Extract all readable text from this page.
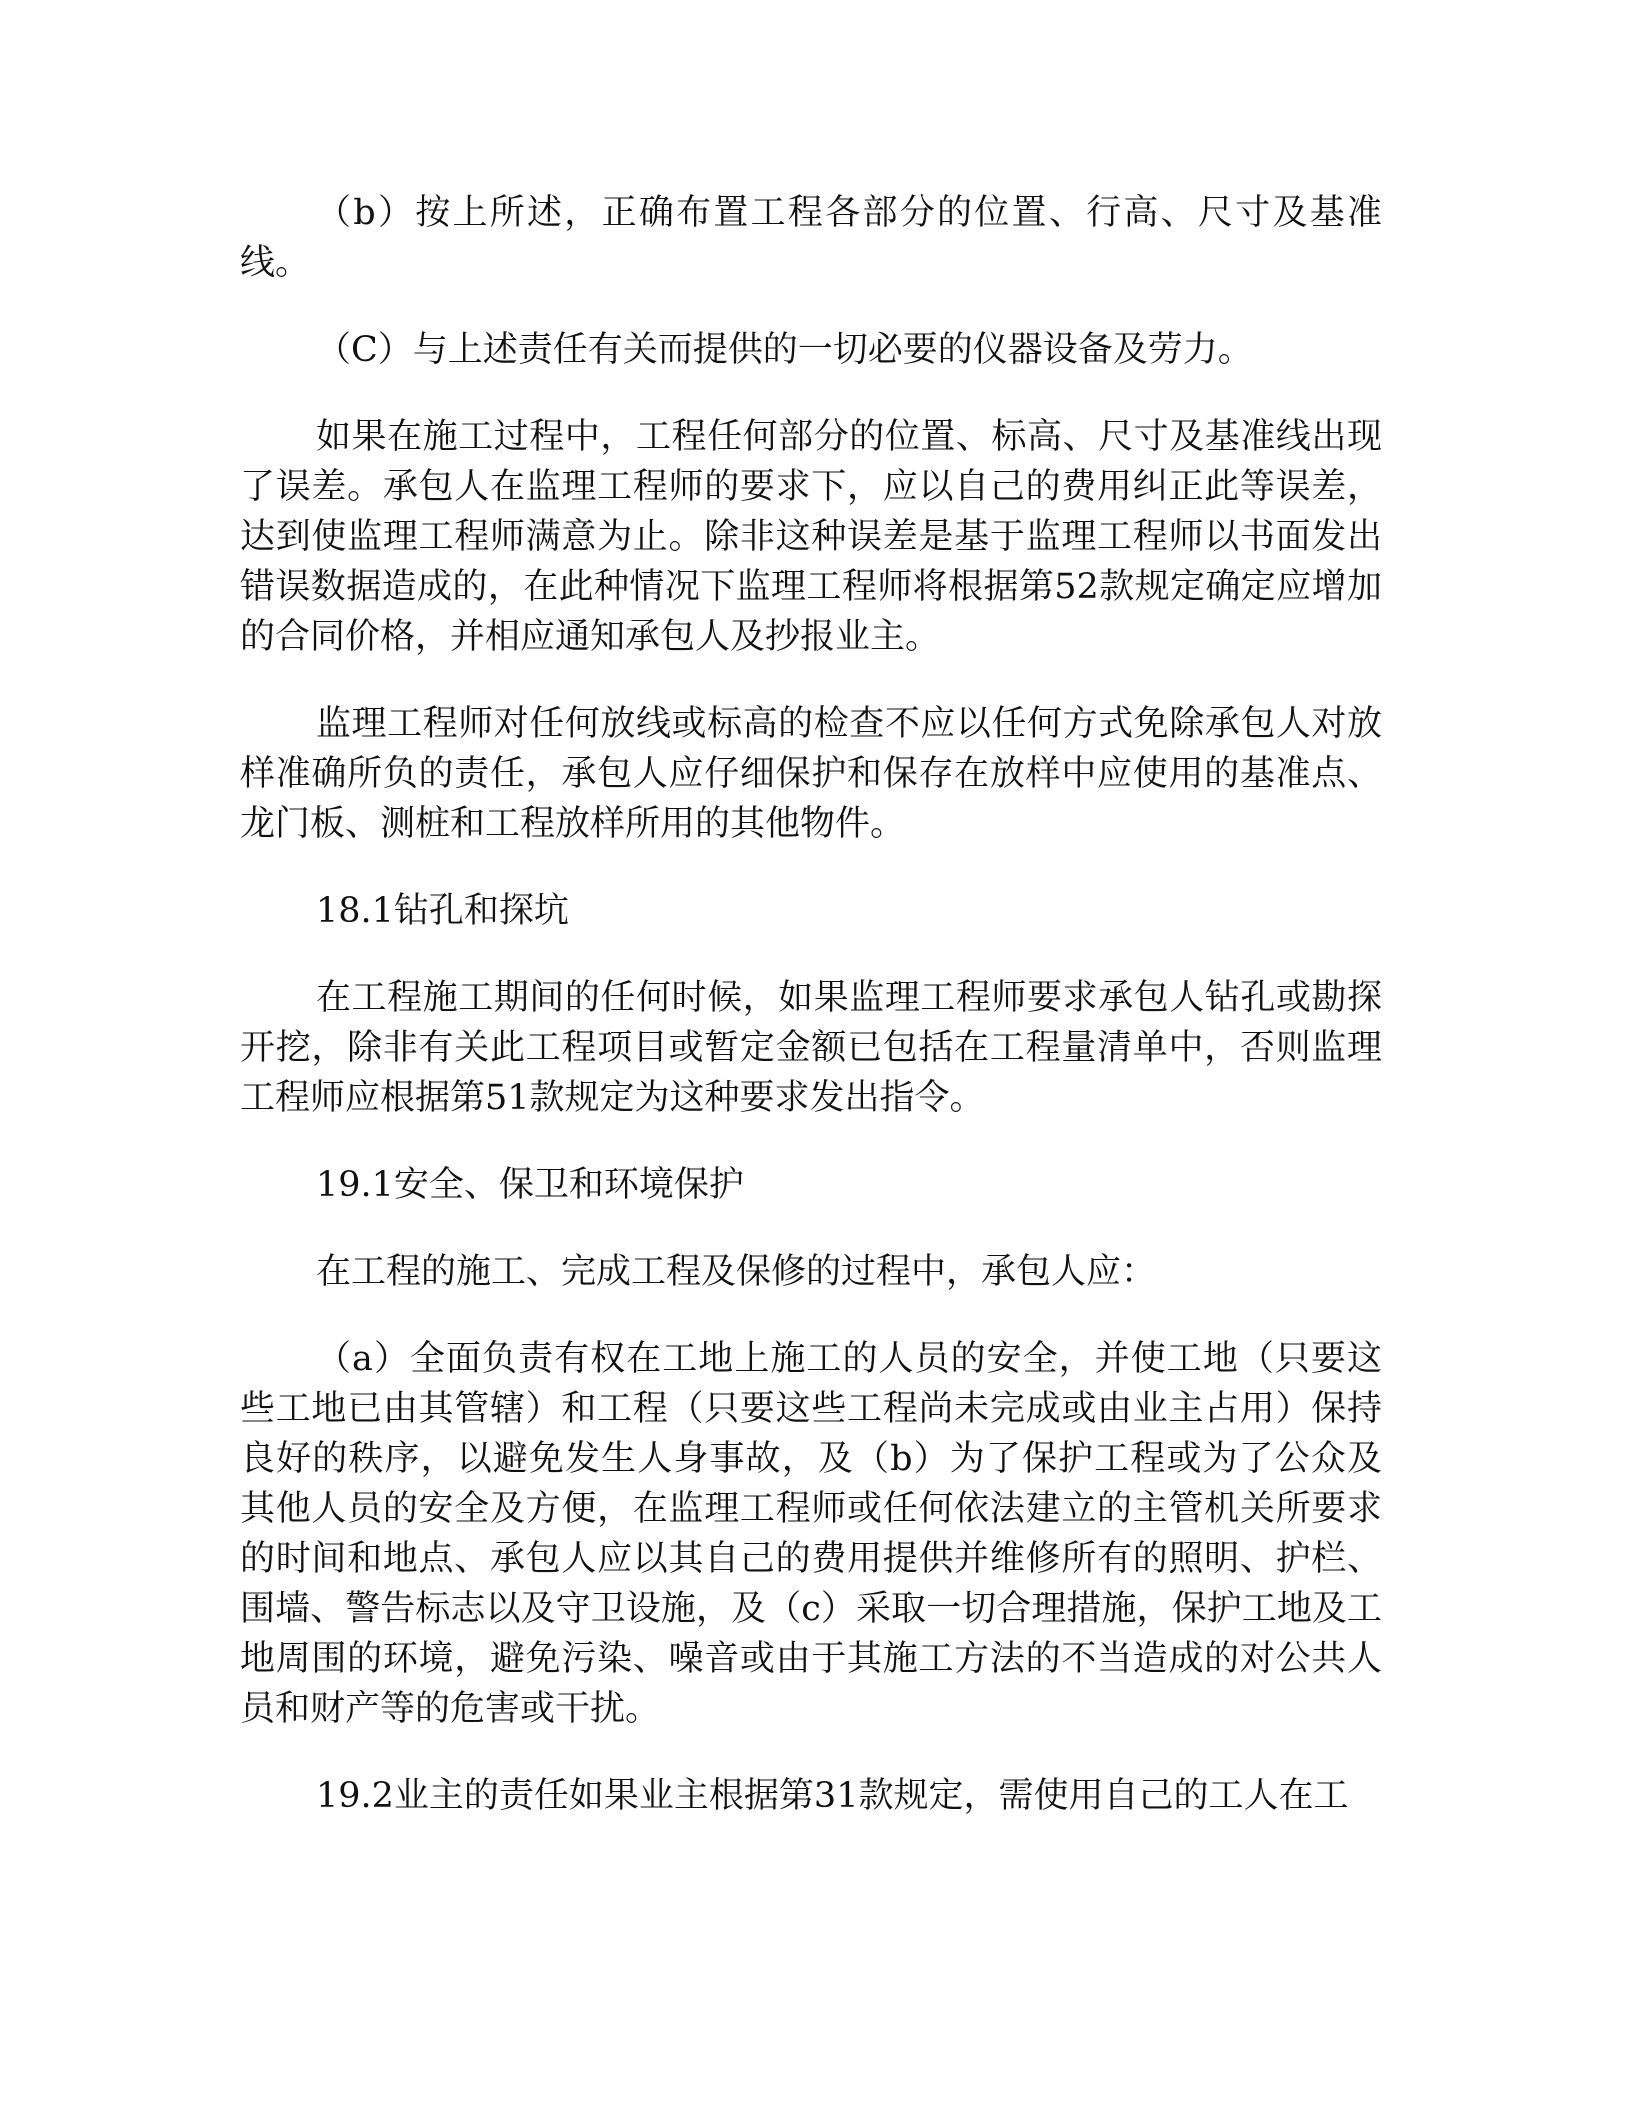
（b）按上所述，正确布置工程各部分的位置、行高、尺寸及基准线。

（C）与上述责任有关而提供的一切必要的仪器设备及劳力。

如果在施工过程中，工程任何部分的位置、标高、尺寸及基准线出现了误差。承包人在监理工程师的要求下，应以自己的费用纠正此等误差，达到使监理工程师满意为止。除非这种误差是基于监理工程师以书面发出错误数据造成的，在此种情况下监理工程师将根据第52款规定确定应增加的合同价格，并相应通知承包人及抄报业主。

监理工程师对任何放线或标高的检查不应以任何方式免除承包人对放样准确所负的责任，承包人应仔细保护和保存在放样中应使用的基准点、龙门板、测桩和工程放样所用的其他物件。

18.1钻孔和探坑

在工程施工期间的任何时候，如果监理工程师要求承包人钻孔或勘探开挖，除非有关此工程项目或暂定金额已包括在工程量清单中，否则监理工程师应根据第51款规定为这种要求发出指令。

19.1安全、保卫和环境保护

在工程的施工、完成工程及保修的过程中，承包人应：

（a）全面负责有权在工地上施工的人员的安全，并使工地（只要这些工地已由其管辖）和工程（只要这些工程尚未完成或由业主占用）保持良好的秩序，以避免发生人身事故，及（b）为了保护工程或为了公众及其他人员的安全及方便，在监理工程师或任何依法建立的主管机关所要求的时间和地点、承包人应以其自己的费用提供并维修所有的照明、护栏、围墙、警告标志以及守卫设施，及（c）采取一切合理措施，保护工地及工地周围的环境，避免污染、噪音或由于其施工方法的不当造成的对公共人员和财产等的危害或干扰。

19.2业主的责任如果业主根据第31款规定，需使用自己的工人在工
